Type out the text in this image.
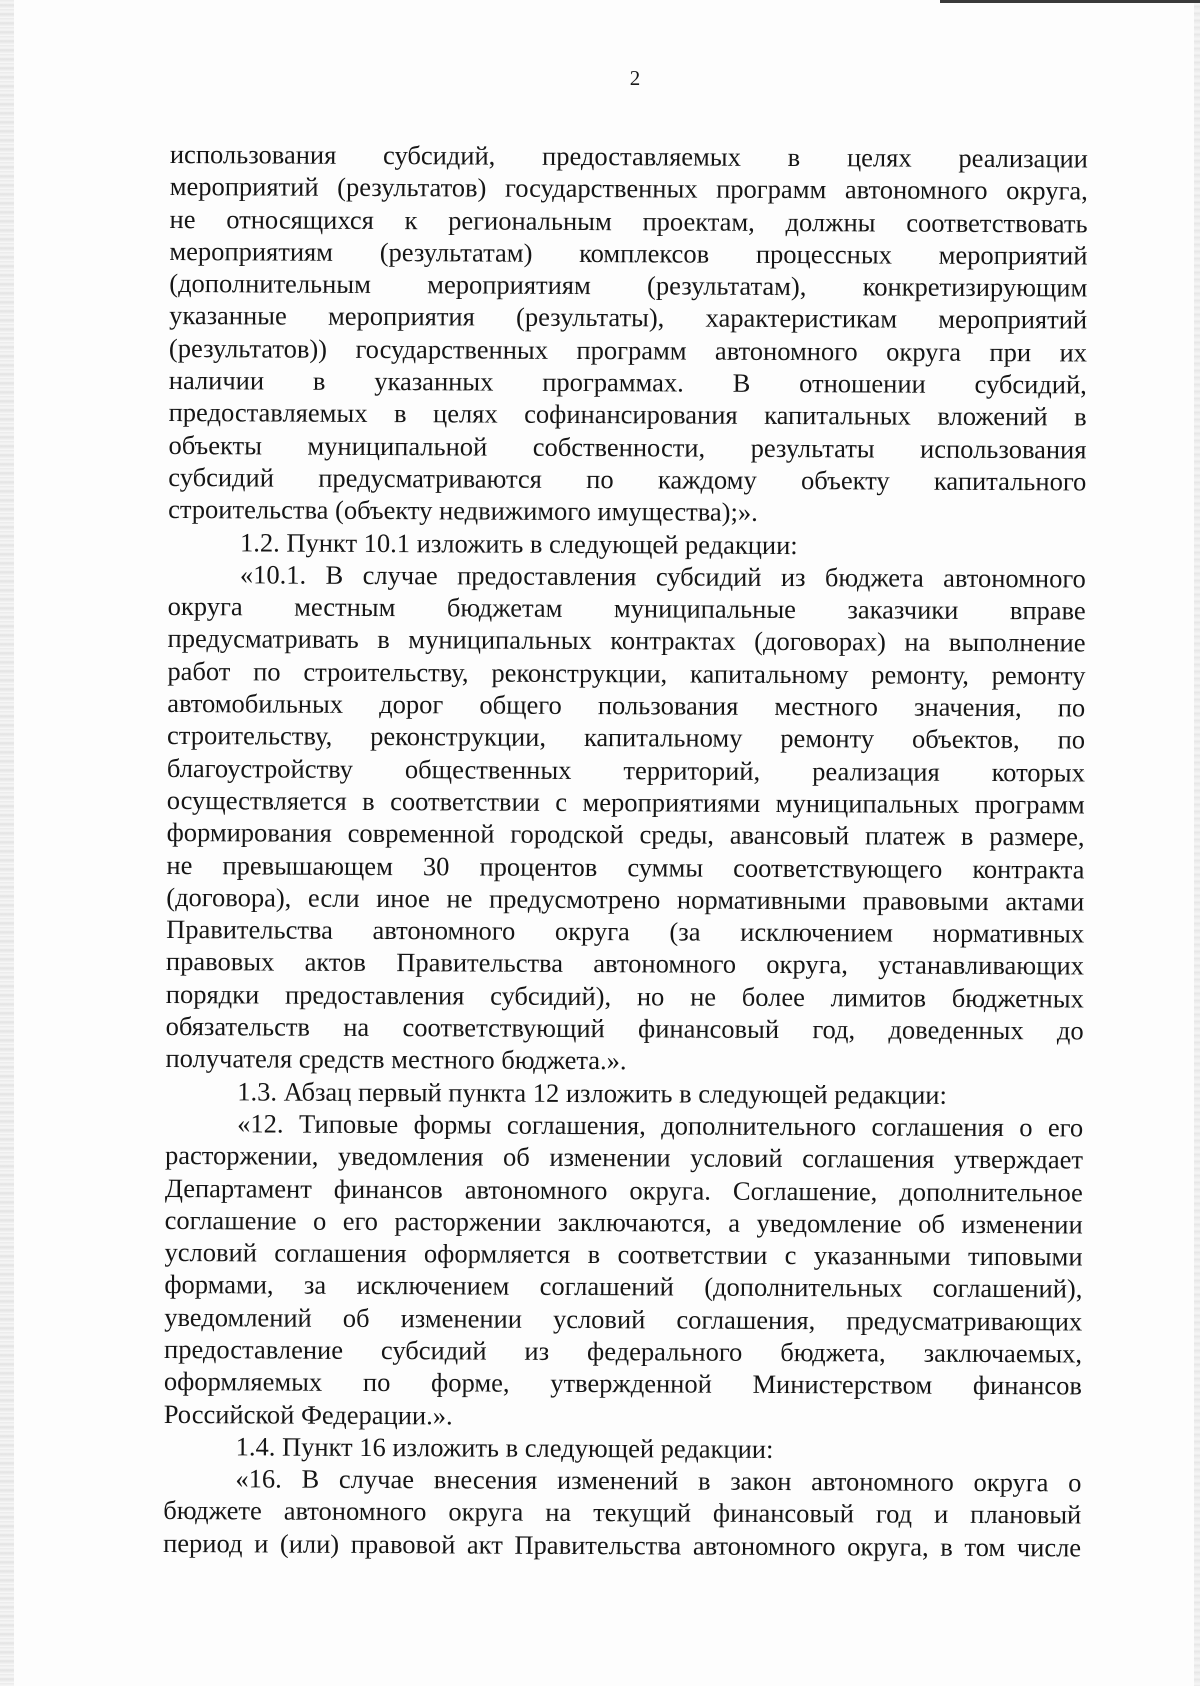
2
использования субсидий, предоставляемых в целях реализации
мероприятий (результатов) государственных программ автономного округа,
не относящихся к региональным проектам, должны соответствовать
мероприятиям (результатам) комплексов процессных мероприятий
(дополнительным мероприятиям (результатам), конкретизирующим
указанные мероприятия (результаты), характеристикам мероприятий
(результатов)) государственных программ автономного округа при их
наличии в указанных программах. В отношении субсидий,
предоставляемых в целях софинансирования капитальных вложений в
объекты муниципальной собственности, результаты использования
субсидий предусматриваются по каждому объекту капитального
строительства (объекту недвижимого имущества);».
1.2. Пункт 10.1 изложить в следующей редакции:
«10.1. В случае предоставления субсидий из бюджета автономного
округа местным бюджетам муниципальные заказчики вправе
предусматривать в муниципальных контрактах (договорах) на выполнение
работ по строительству, реконструкции, капитальному ремонту, ремонту
автомобильных дорог общего пользования местного значения, по
строительству, реконструкции, капитальному ремонту объектов, по
благоустройству общественных территорий, реализация которых
осуществляется в соответствии с мероприятиями муниципальных программ
формирования современной городской среды, авансовый платеж в размере,
не превышающем 30 процентов суммы соответствующего контракта
(договора), если иное не предусмотрено нормативными правовыми актами
Правительства автономного округа (за исключением нормативных
правовых актов Правительства автономного округа, устанавливающих
порядки предоставления субсидий), но не более лимитов бюджетных
обязательств на соответствующий финансовый год, доведенных до
получателя средств местного бюджета.».
1.3. Абзац первый пункта 12 изложить в следующей редакции:
«12. Типовые формы соглашения, дополнительного соглашения о его
расторжении, уведомления об изменении условий соглашения утверждает
Департамент финансов автономного округа. Соглашение, дополнительное
соглашение о его расторжении заключаются, а уведомление об изменении
условий соглашения оформляется в соответствии с указанными типовыми
формами, за исключением соглашений (дополнительных соглашений),
уведомлений об изменении условий соглашения, предусматривающих
предоставление субсидий из федерального бюджета, заключаемых,
оформляемых по форме, утвержденной Министерством финансов
Российской Федерации.».
1.4. Пункт 16 изложить в следующей редакции:
«16. В случае внесения изменений в закон автономного округа о
бюджете автономного округа на текущий финансовый год и плановый
период и (или) правовой акт Правительства автономного округа, в том числе
